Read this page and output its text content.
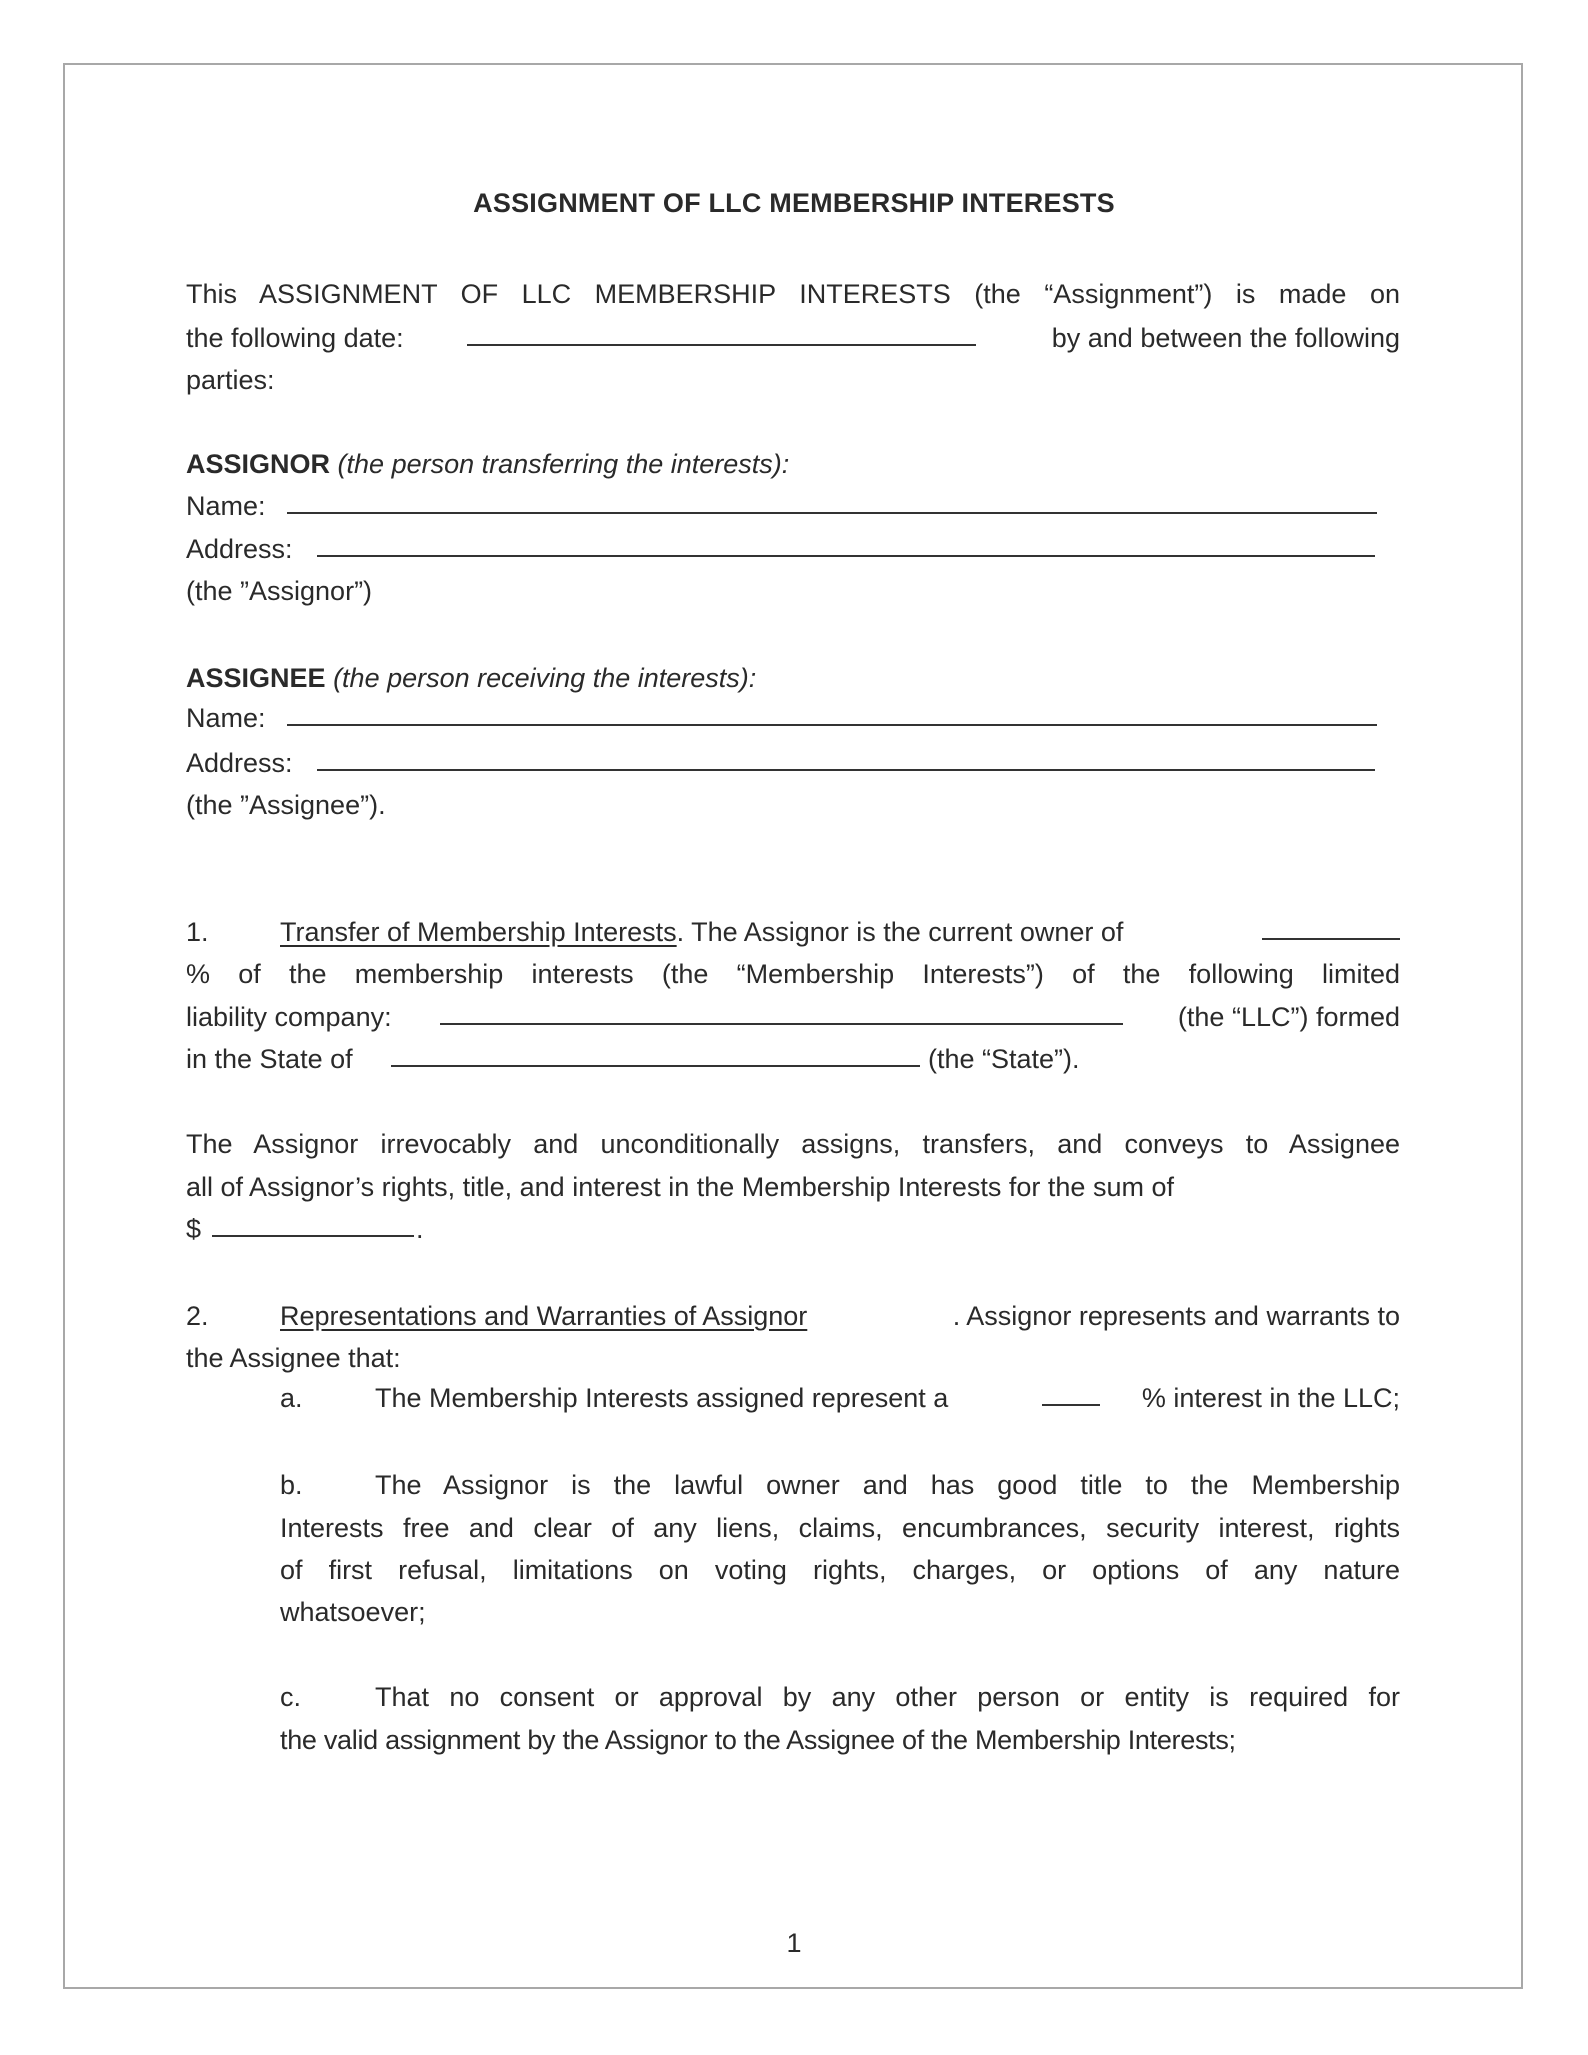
ASSIGNMENT OF LLC MEMBERSHIP INTERESTS
This ASSIGNMENT OF LLC MEMBERSHIP INTERESTS (the “Assignment”) is made on
the following date:	by and between the following
parties:
ASSIGNOR (the person transferring the interests):
Name:
Address:
(the ”Assignor”)
ASSIGNEE (the person receiving the interests):
Name:
Address:
(the ”Assignee”).
1.	Transfer of Membership Interests. The Assignor is the current owner of
% of the membership interests (the “Membership Interests”) of the following limited
liability company:	(the “LLC”) formed
in the State of	(the “State”).
The Assignor irrevocably and unconditionally assigns, transfers, and conveys to Assignee
all of Assignor’s rights, title, and interest in the Membership Interests for the sum of
$	.
2.	Representations and Warranties of Assignor	. Assignor represents and warrants to
the Assignee that:
a.	The Membership Interests assigned represent a	% interest in the LLC;
b.	The Assignor is the lawful owner and has good title to the Membership
Interests free and clear of any liens, claims, encumbrances, security interest, rights
of first refusal, limitations on voting rights, charges, or options of any nature
whatsoever;
c.	That no consent or approval by any other person or entity is required for
the valid assignment by the Assignor to the Assignee of the Membership Interests;
1
